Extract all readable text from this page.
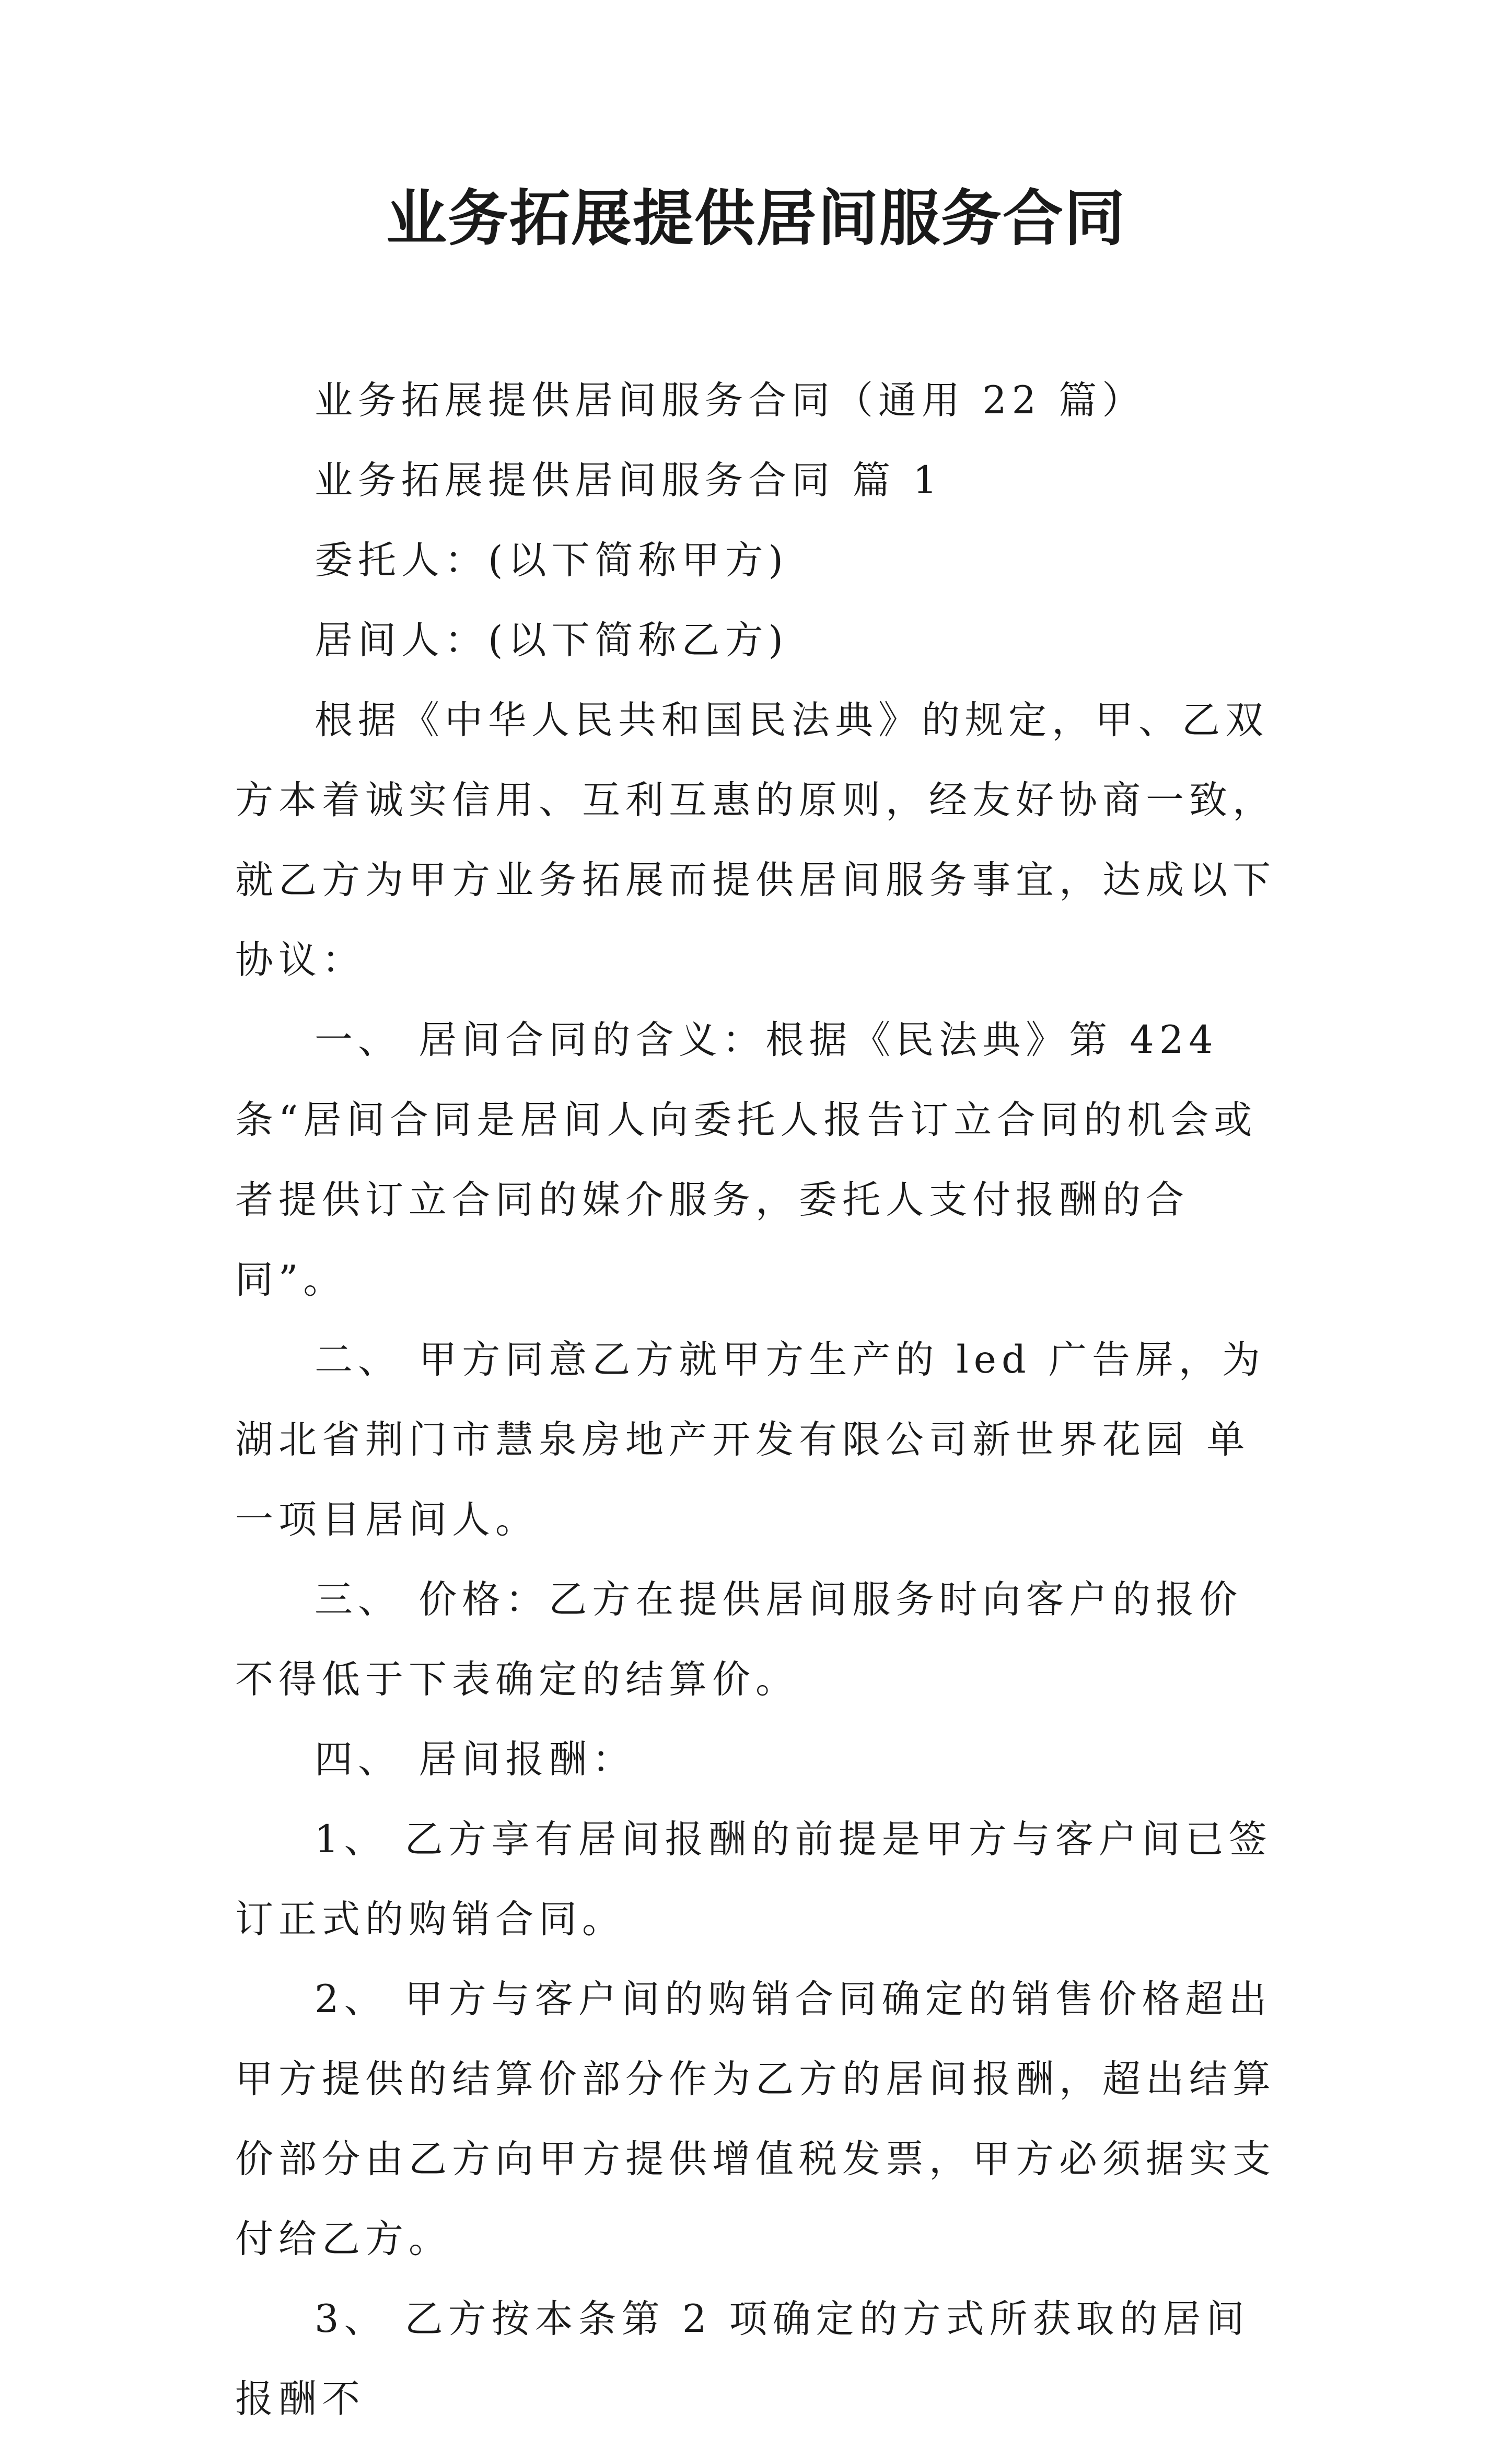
业务拓展提供居间服务合同

业务拓展提供居间服务合同（通用 22 篇）

业务拓展提供居间服务合同 篇 1

委托人：(以下简称甲方)

居间人：(以下简称乙方)

根据《中华人民共和国民法典》的规定，甲、乙双方本着诚实信用、互利互惠的原则，经友好协商一致，就乙方为甲方业务拓展而提供居间服务事宜，达成以下协议：

一、 居间合同的含义：根据《民法典》第 424 条“居间合同是居间人向委托人报告订立合同的机会或者提供订立合同的媒介服务，委托人支付报酬的合同”。

二、 甲方同意乙方就甲方生产的 led 广告屏，为湖北省荆门市慧泉房地产开发有限公司新世界花园 单一项目居间人。

三、 价格：乙方在提供居间服务时向客户的报价不得低于下表确定的结算价。

四、 居间报酬：

1、 乙方享有居间报酬的前提是甲方与客户间已签订正式的购销合同。

2、 甲方与客户间的购销合同确定的销售价格超出甲方提供的结算价部分作为乙方的居间报酬，超出结算价部分由乙方向甲方提供增值税发票，甲方必须据实支付给乙方。

3、 乙方按本条第 2 项确定的方式所获取的居间报酬不
